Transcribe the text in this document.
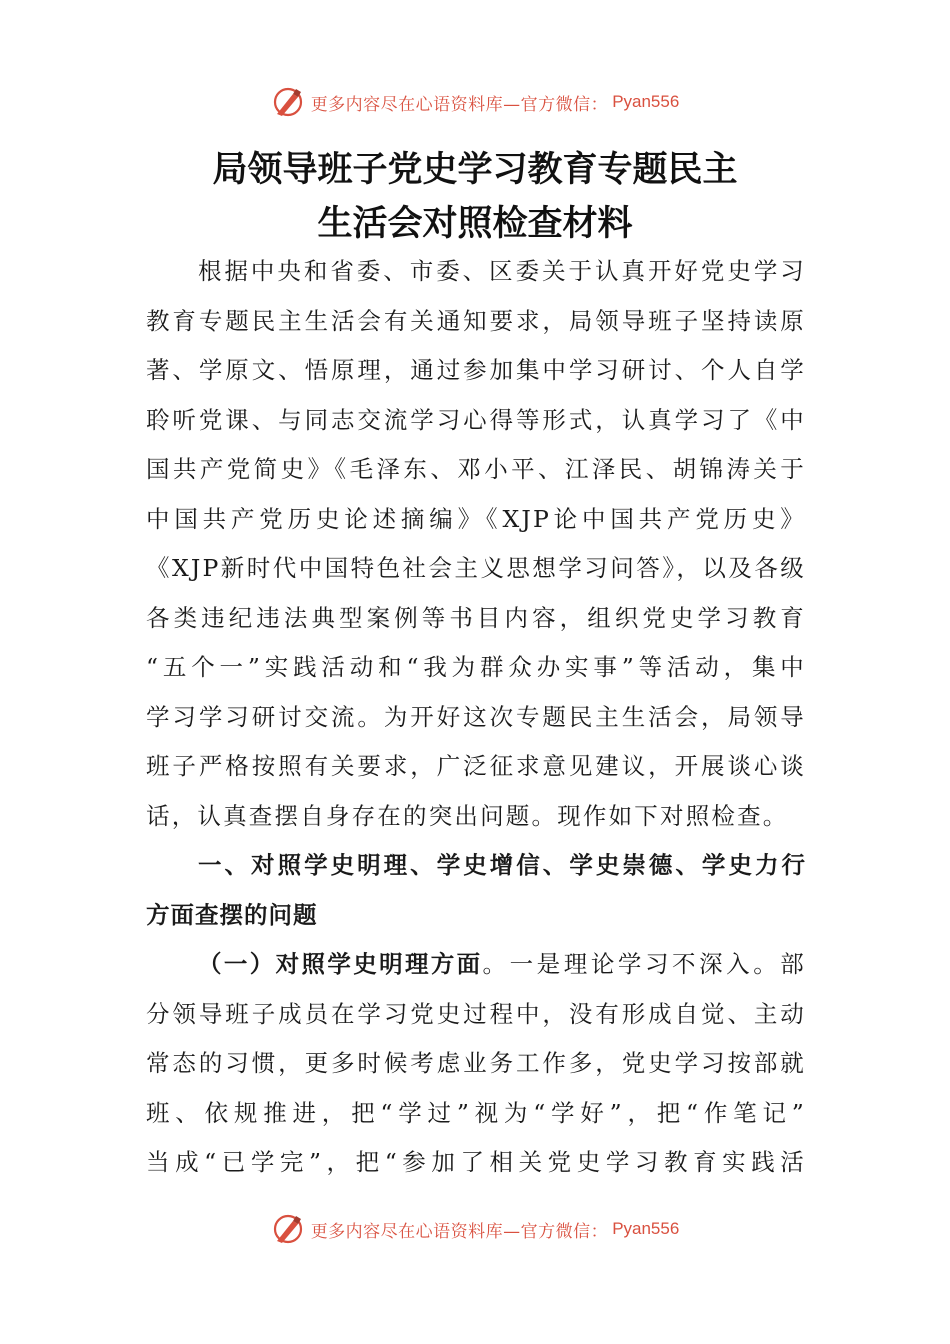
更多内容尽在心语资料库—官方微信： Pyan556
局领导班子党史学习教育专题民主
生活会对照检查材料
根据中央和省委、市委、区委关于认真开好党史学习
教育专题民主生活会有关通知要求，局领导班子坚持读原
著、学原文、悟原理，通过参加集中学习研讨、个人自学
聆听党课、与同志交流学习心得等形式，认真学习了《中
国共产党简史》《毛泽东、邓小平、江泽民、胡锦涛关于
中国共产党历史论述摘编》《XJP论中国共产党历史》
《XJP新时代中国特色社会主义思想学习问答》，以及各级
各类违纪违法典型案例等书目内容，组织党史学习教育
“五个一”实践活动和“我为群众办实事”等活动，集中
学习学习研讨交流。为开好这次专题民主生活会，局领导
班子严格按照有关要求，广泛征求意见建议，开展谈心谈
话，认真查摆自身存在的突出问题。现作如下对照检查。
一、对照学史明理、学史增信、学史崇德、学史力行
方面查摆的问题
（一）对照学史明理方面。一是理论学习不深入。部
分领导班子成员在学习党史过程中，没有形成自觉、主动
常态的习惯，更多时候考虑业务工作多，党史学习按部就
班、依规推进，把“学过”视为“学好”，把“作笔记”
当成“已学完”，把“参加了相关党史学习教育实践活
更多内容尽在心语资料库—官方微信： Pyan556
